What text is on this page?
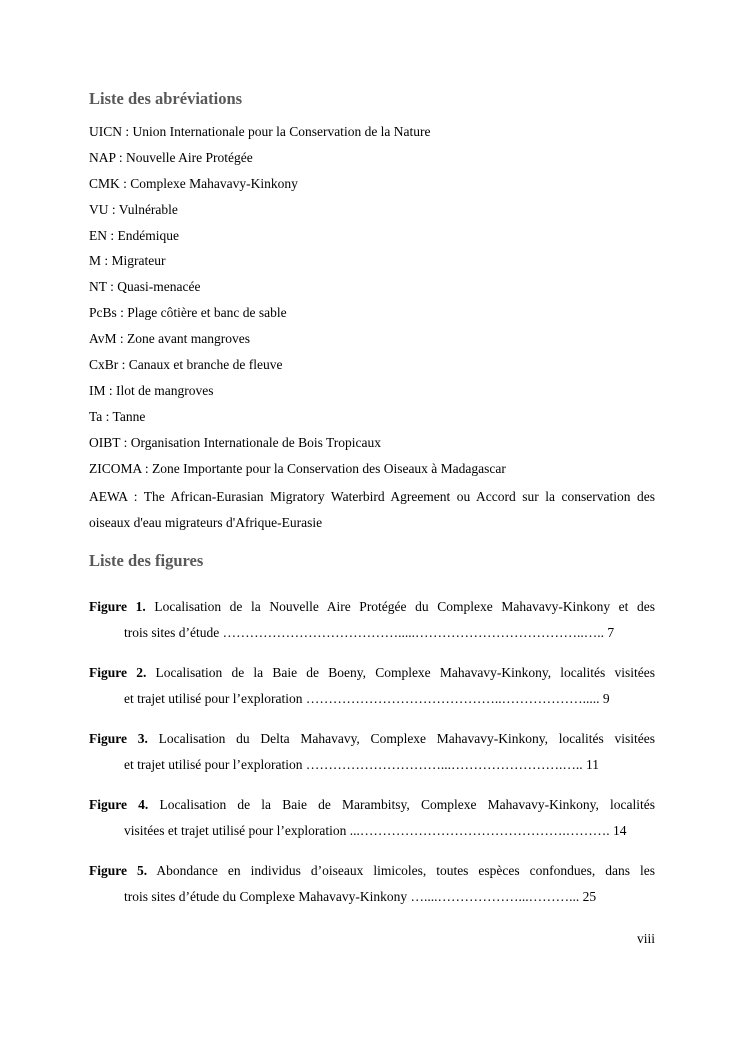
Liste des abréviations
UICN : Union Internationale pour la Conservation de la Nature
NAP : Nouvelle Aire Protégée
CMK : Complexe Mahavavy-Kinkony
VU : Vulnérable
EN : Endémique
M : Migrateur
NT : Quasi-menacée
PcBs : Plage côtière et banc de sable
AvM : Zone avant mangroves
CxBr : Canaux et branche de fleuve
IM : Ilot de mangroves
Ta : Tanne
OIBT : Organisation Internationale de Bois Tropicaux
ZICOMA : Zone Importante pour la Conservation des Oiseaux à Madagascar
AEWA : The African-Eurasian Migratory Waterbird Agreement ou Accord sur la conservation des oiseaux d'eau migrateurs d'Afrique-Eurasie
Liste des figures
Figure 1. Localisation de la Nouvelle Aire Protégée du Complexe Mahavavy-Kinkony et des
trois sites d’étude ………………………………….....………………………………..….. 7
Figure 2. Localisation de la Baie de Boeny, Complexe Mahavavy-Kinkony, localités visitées
et trajet utilisé pour l’exploration ……………………………………..………………..... 9
Figure 3. Localisation du Delta Mahavavy, Complexe Mahavavy-Kinkony, localités visitées
et trajet utilisé pour l’exploration …………………………...…………………….….. 11
Figure 4. Localisation de la Baie de Marambitsy, Complexe Mahavavy-Kinkony, localités
visitées et trajet utilisé pour l’exploration ...……………………………………….………. 14
Figure 5. Abondance en individus d’oiseaux limicoles, toutes espèces confondues, dans les
trois sites d’étude du Complexe Mahavavy-Kinkony …....………………...………... 25
viii
